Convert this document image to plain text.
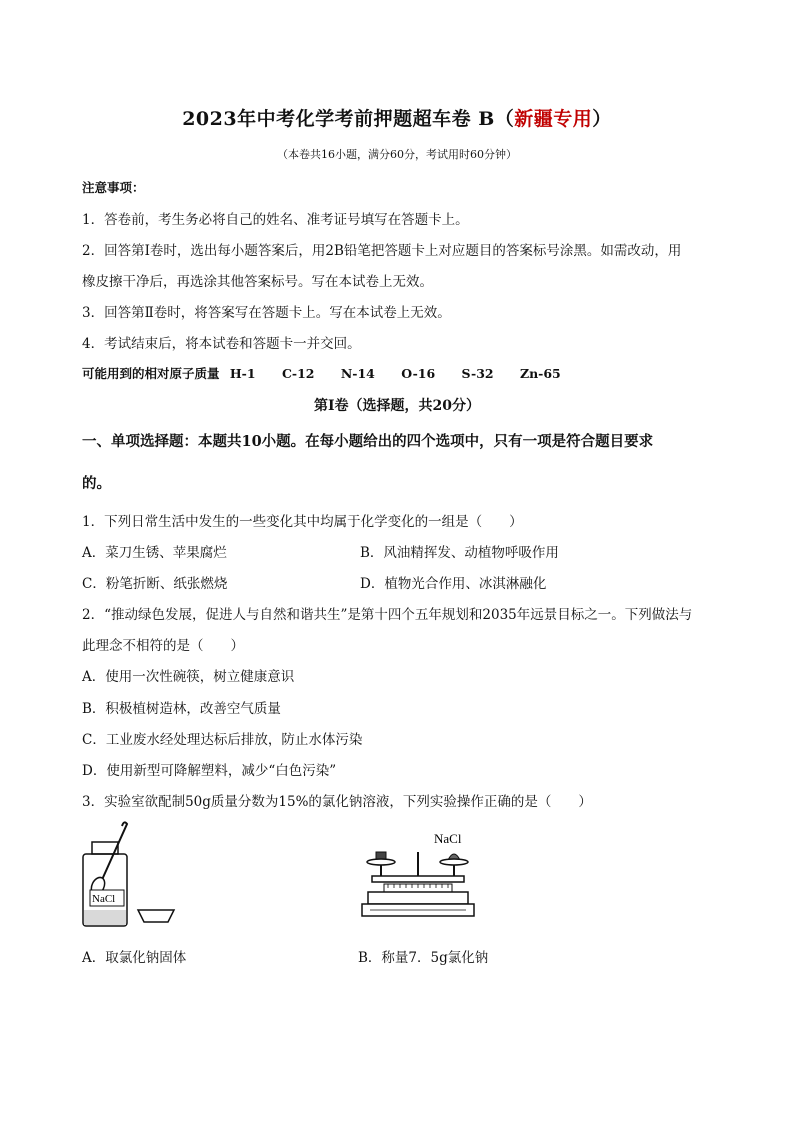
2023年中考化学考前押题超车卷 B（新疆专用）
（本卷共16小题，满分60分，考试用时60分钟）
注意事项：
1．答卷前，考生务必将自己的姓名、准考证号填写在答题卡上。
2．回答第Ⅰ卷时，选出每小题答案后，用2B铅笔把答题卡上对应题目的答案标号涂黑。如需改动，用
橡皮擦干净后，再选涂其他答案标号。写在本试卷上无效。
3．回答第Ⅱ卷时，将答案写在答题卡上。写在本试卷上无效。
4．考试结束后，将本试卷和答题卡一并交回。
可能用到的相对原子质量 H-1 C-12 N-14 O-16 S-32 Zn-65
第Ⅰ卷（选择题，共20分）
一、单项选择题：本题共10小题。在每小题给出的四个选项中，只有一项是符合题目要求
的。
1．下列日常生活中发生的一些变化其中均属于化学变化的一组是（　　）
A．菜刀生锈、苹果腐烂	B．风油精挥发、动植物呼吸作用
C．粉笔折断、纸张燃烧	D．植物光合作用、冰淇淋融化
2．“推动绿色发展，促进人与自然和谐共生”是第十四个五年规划和2035年远景目标之一。下列做法与
此理念不相符的是（　　）
A．使用一次性碗筷，树立健康意识
B．积极植树造林，改善空气质量
C．工业废水经处理达标后排放，防止水体污染
D．使用新型可降解塑料，减少“白色污染”
3．实验室欲配制50g质量分数为15%的氯化钠溶液，下列实验操作正确的是（　　）
NaCl
NaCl
A．取氯化钠固体	B．称量7．5g氯化钠
